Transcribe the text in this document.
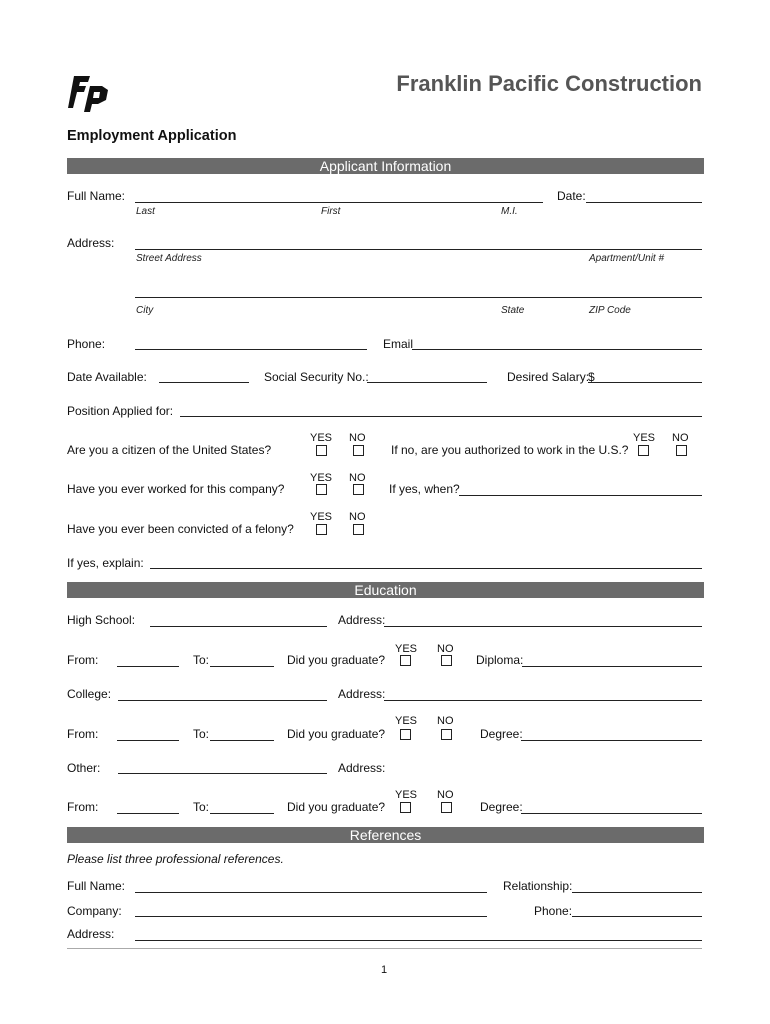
Franklin Pacific Construction
Employment Application
Applicant Information
Full Name:	Date:
Last	First	M.I.
Address:
Street Address	Apartment/Unit #
City	State	ZIP Code
Phone:	Email
Date Available:	Social Security No.:	Desired Salary:
$
Position Applied for:
YES NO
Are you a citizen of the United States?
YES NO
If no, are you authorized to work in the U.S.?
YES NO
Have you ever worked for this company?	If yes, when?
YES NO
Have you ever been convicted of a felony?
If yes, explain:
Education
High School:	Address:
YES NO
From:	To:	Did you graduate?	Diploma:
College:	Address:
YES NO
From:	To:	Did you graduate?	Degree:
Other:	Address:
YES NO
From:	To:	Did you graduate?	Degree:
References
Please list three professional references.
Full Name:	Relationship:
Company:	Phone:
Address:
1
